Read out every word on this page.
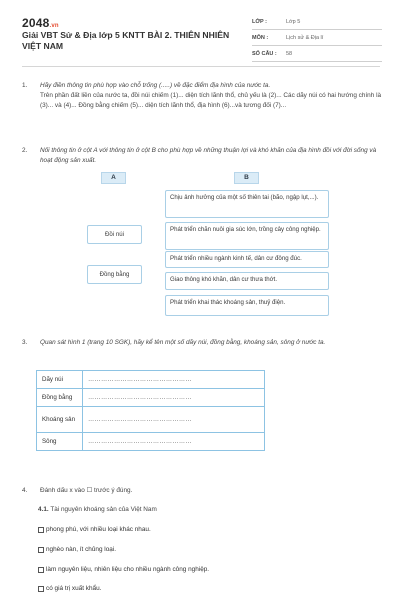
2048.vn
Giải VBT Sử & Địa lớp 5 KNTT BÀI 2. THIÊN NHIÊN VIỆT NAM
LỚP :	Lớp 5
MÔN :	Lịch sử & Địa lí
SỐ CÂU :	58
1. Hãy điền thông tin phù hợp vào chỗ trống (.....) về đặc điểm địa hình của nước ta.
Trên phần đất liền của nước ta, đồi núi chiếm (1)... diện tích lãnh thổ, chủ yếu là (2)... Các dãy núi có hai hướng chính là (3)... và (4)... Đồng bằng chiếm (5)... diện tích lãnh thổ, địa hình (6)...và tương đối (7)...
2. Nối thông tin ở cột A với thông tin ở cột B cho phù hợp về những thuận lợi và khó khăn của địa hình đồi với đời sống và hoạt động sản xuất.
A	B
Đồi núi
Đồng bằng
Chịu ảnh hưởng của một số thiên tai (bão, ngập lụt,...).
Phát triển chăn nuôi gia súc lớn, trồng cây công nghiệp.
Phát triển nhiều ngành kinh tế, dân cư đông đúc.
Giao thông khó khăn, dân cư thưa thớt.
Phát triển khai thác khoáng sản, thuỷ điện.
3. Quan sát hình 1 (trang 10 SGK), hãy kể tên một số dãy núi, đồng bằng, khoáng sản, sông ở nước ta.
Dãy núi	…………………………………………
Đồng bằng	…………………………………………
Khoáng sản	…………………………………………
Sông	…………………………………………
4. Đánh dấu x vào ☐ trước ý đúng.
4.1. Tài nguyên khoáng sản của Việt Nam
phong phú, với nhiều loại khác nhau.
nghèo nàn, ít chủng loại.
làm nguyên liệu, nhiên liệu cho nhiều ngành công nghiệp.
có giá trị xuất khẩu.
